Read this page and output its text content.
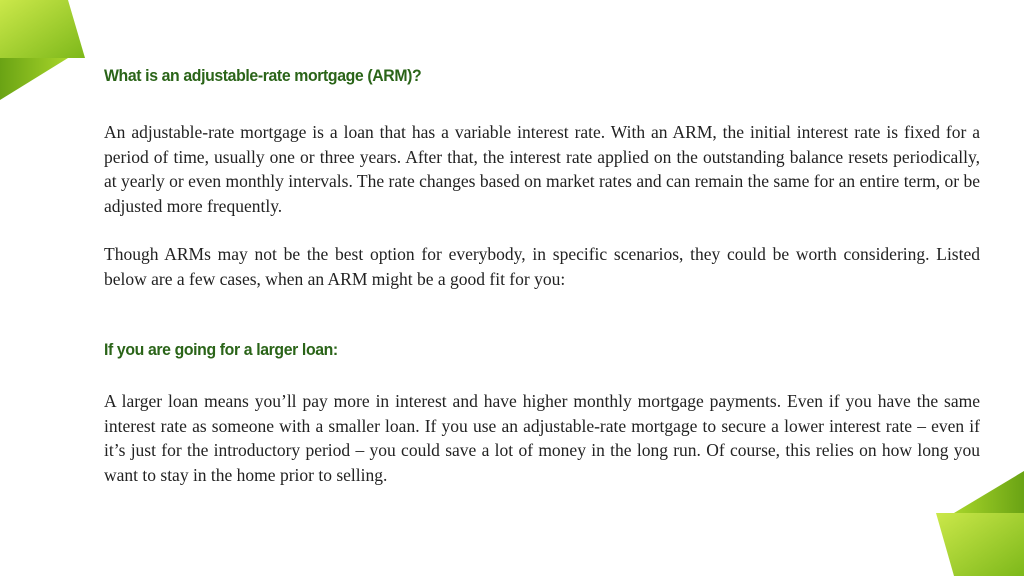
What is an adjustable-rate mortgage (ARM)?

An adjustable-rate mortgage is a loan that has a variable interest rate. With an ARM, the initial interest rate is fixed for a period of time, usually one or three years. After that, the interest rate applied on the outstanding balance resets periodically, at yearly or even monthly intervals. The rate changes based on market rates and can remain the same for an entire term, or be adjusted more frequently.

Though ARMs may not be the best option for everybody, in specific scenarios, they could be worth considering. Listed below are a few cases, when an ARM might be a good fit for you:

If you are going for a larger loan:

A larger loan means you’ll pay more in interest and have higher monthly mortgage payments. Even if you have the same interest rate as someone with a smaller loan. If you use an adjustable-rate mortgage to secure a lower interest rate – even if it’s just for the introductory period – you could save a lot of money in the long run. Of course, this relies on how long you want to stay in the home prior to selling.
